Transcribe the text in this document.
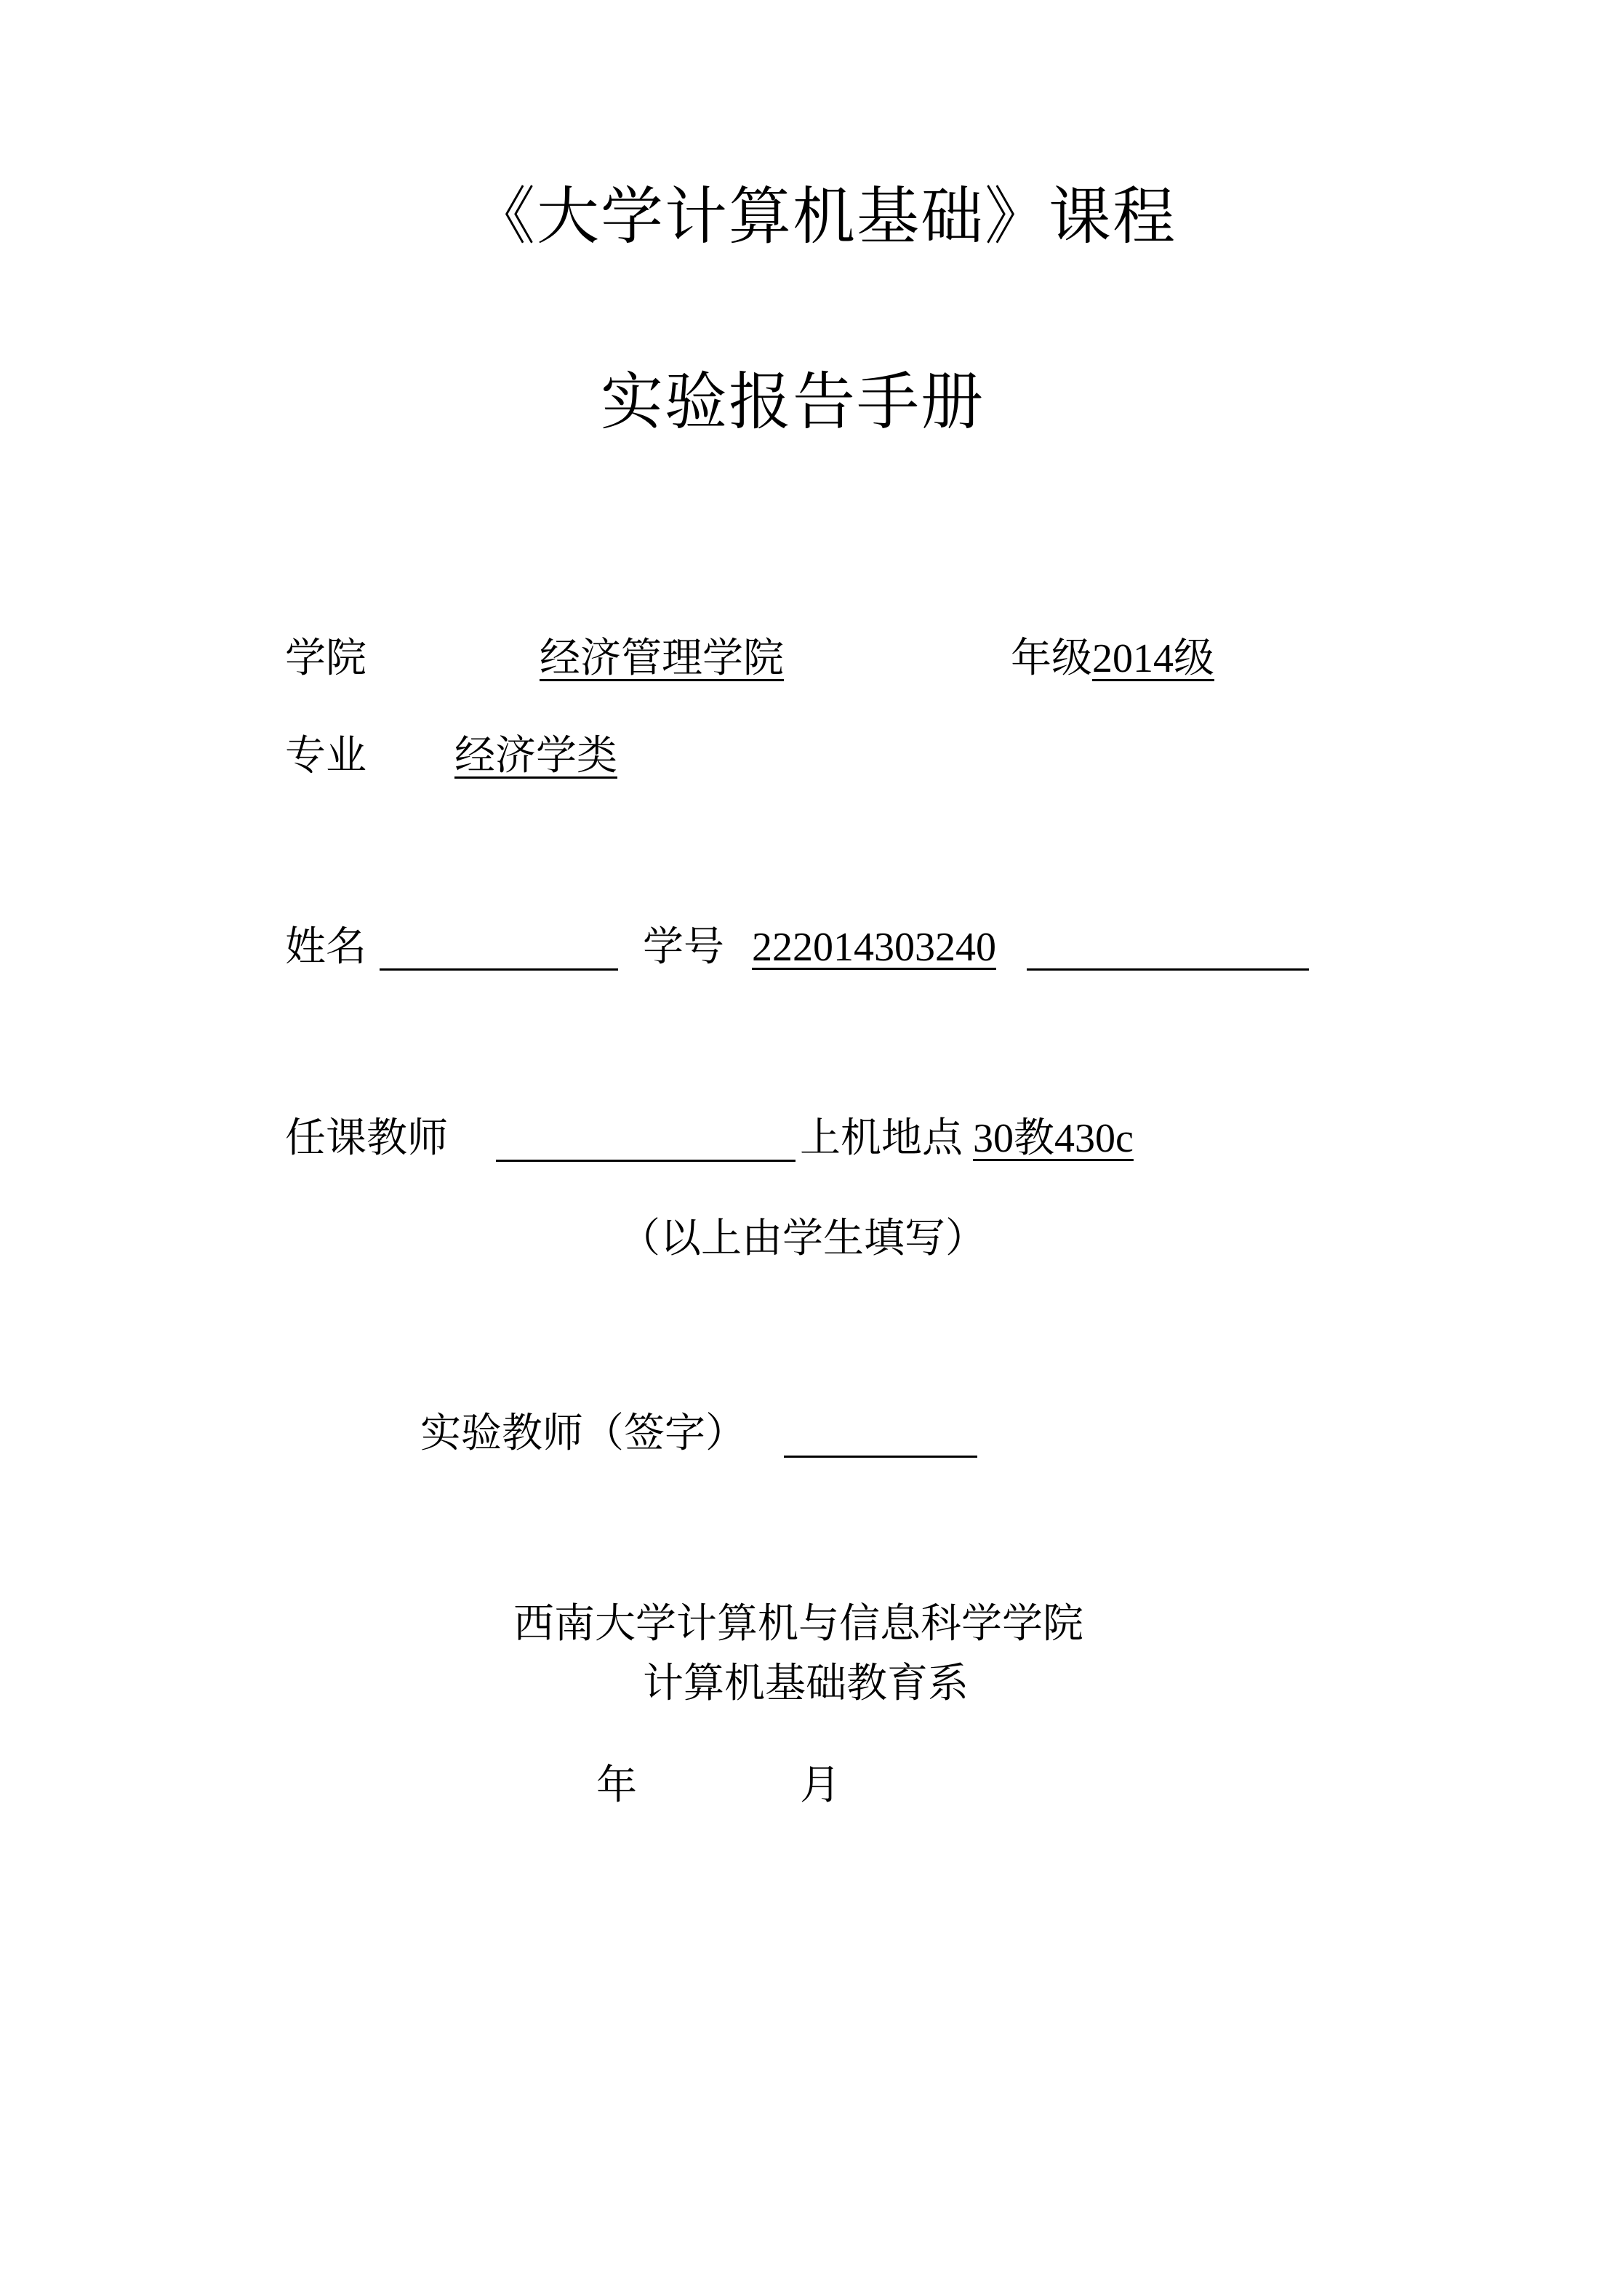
《大学计算机基础》课程
实验报告手册
学院	经济管理学院	年级 2014级
专业 经济学类
姓名	学号 222014303240
任课教师	上机地点 30教430c
（以上由学生填写）
实验教师（签字）
西南大学计算机与信息科学学院
计算机基础教育系
年	月
